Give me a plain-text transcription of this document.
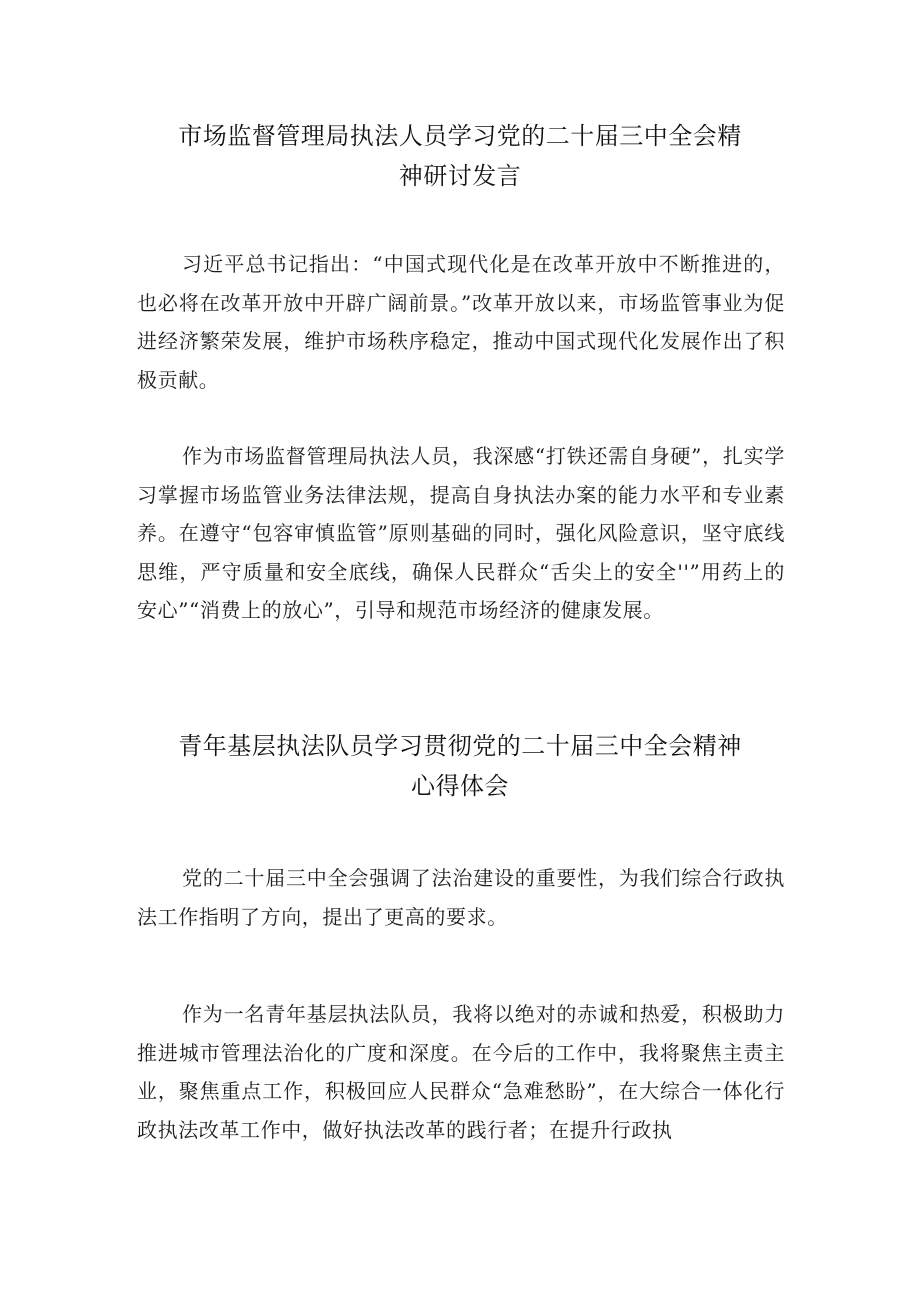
市场监督管理局执法人员学习党的二十届三中全会精
神研讨发言

习近平总书记指出：“中国式现代化是在改革开放中不断推进的，也必将在改革开放中开辟广阔前景。”改革开放以来，市场监管事业为促进经济繁荣发展，维护市场秩序稳定，推动中国式现代化发展作出了积极贡献。

作为市场监督管理局执法人员，我深感“打铁还需自身硬”，扎实学习掌握市场监管业务法律法规，提高自身执法办案的能力水平和专业素养。在遵守“包容审慎监管”原则基础的同时，强化风险意识，坚守底线思维，严守质量和安全底线，确保人民群众“舌尖上的安全''”用药上的安心”“消费上的放心”，引导和规范市场经济的健康发展。

青年基层执法队员学习贯彻党的二十届三中全会精神
心得体会

党的二十届三中全会强调了法治建设的重要性，为我们综合行政执法工作指明了方向，提出了更高的要求。

作为一名青年基层执法队员，我将以绝对的赤诚和热爱，积极助力推进城市管理法治化的广度和深度。在今后的工作中，我将聚焦主责主业，聚焦重点工作，积极回应人民群众“急难愁盼”，在大综合一体化行政执法改革工作中，做好执法改革的践行者；在提升行政执
